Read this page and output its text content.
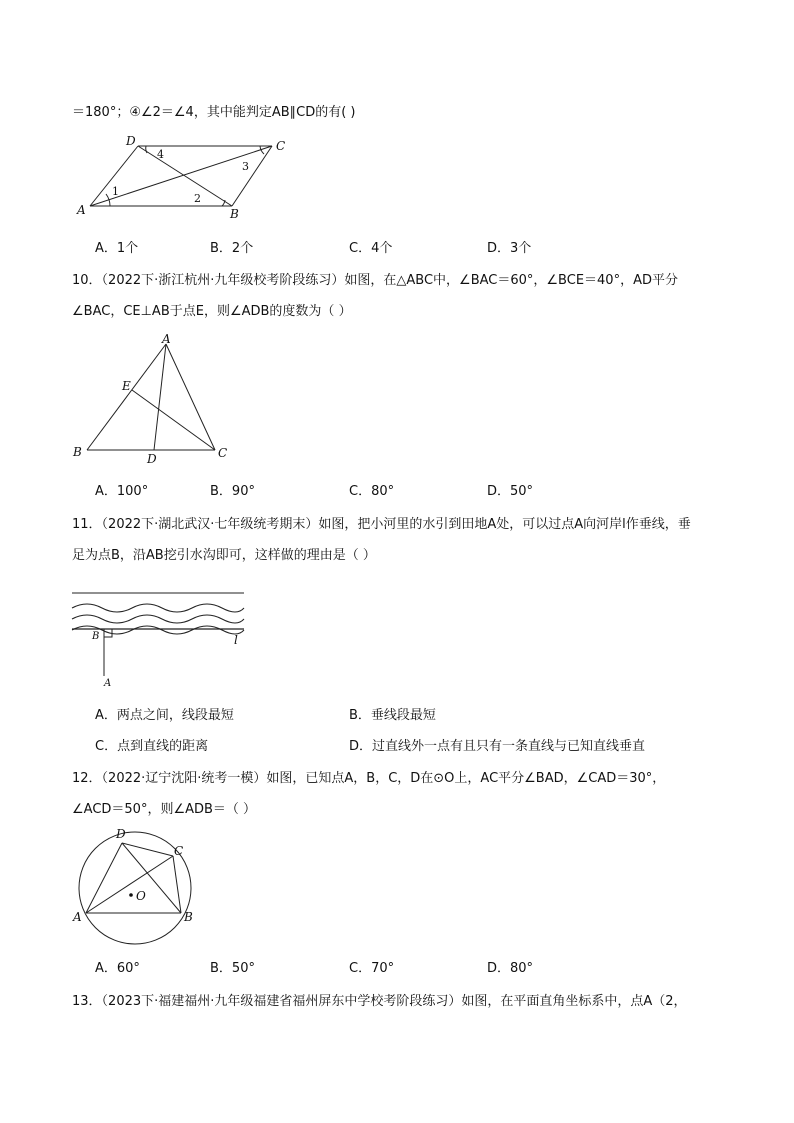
＝180°；④∠2＝∠4，其中能判定AB∥CD的有( )
D	C
A	B
4
3
1
2
A．1个	B．2个	C．4个	D．3个
10．（2022下·浙江杭州·九年级校考阶段练习）如图，在△ABC中，∠BAC＝60°，∠BCE＝40°，AD平分
∠BAC，CE⊥AB于点E，则∠ADB的度数为（ ）
A
E
B	D	C
A．100°	B．90°	C．80°	D．50°
11．（2022下·湖北武汉·七年级统考期末）如图，把小河里的水引到田地A处，可以过点A向河岸l作垂线，垂
足为点B，沿AB挖引水沟即可，这样做的理由是（ ）
B	l
A
A．两点之间，线段最短	B．垂线段最短
C．点到直线的距离	D．过直线外一点有且只有一条直线与已知直线垂直
12．（2022·辽宁沈阳·统考一模）如图，已知点A，B，C，D在⊙O上，AC平分∠BAD，∠CAD＝30°，
∠ACD＝50°，则∠ADB＝（ ）
D
C
O
A	B
A．60°	B．50°	C．70°	D．80°
13．（2023下·福建福州·九年级福建省福州屏东中学校考阶段练习）如图，在平面直角坐标系中，点A（2，
